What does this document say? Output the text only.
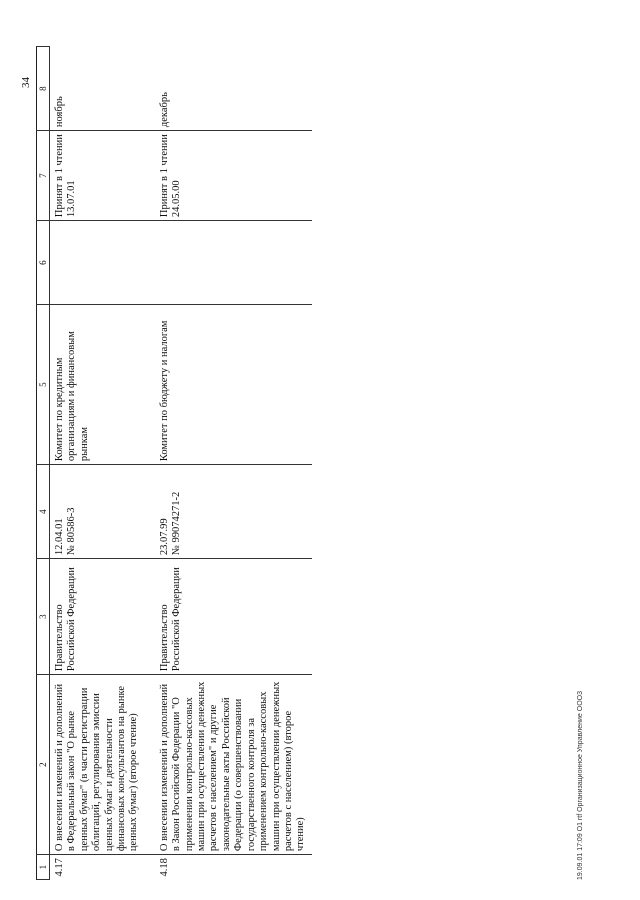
1	2	3	4	5	6	7	8
4.17	О внесении изменений и дополнений в Федеральный закон "О рынке ценных бумаг" (в части регистрации облигаций, регулирования эмиссии ценных бумаг и деятельности финансовых консультантов на рынке ценных бумаг) (второе чтение)	Правительство Российской Федерации	12.04.01 № 80586-3	Комитет по кредитным организациям и финансовым рынкам		Принят в 1 чтении 13.07.01	ноябрь
4.18	О внесении изменений и дополнений в Закон Российской Федерации "О применении контрольно-кассовых машин при осуществлении денежных расчетов с населением" и другие законодательные акты Российской Федерации (о совершенствовании государственного контроля за применением контрольно-кассовых машин при осуществлении денежных расчетов с населением) (второе чтение)	Правительство Российской Федерации	23.07.99 № 99074271-2	Комитет по бюджету и налогам		Принят в 1 чтении 24.05.00	декабрь
34
19.09.01 17:09 O1 rtf Организационное Управление ООО3
